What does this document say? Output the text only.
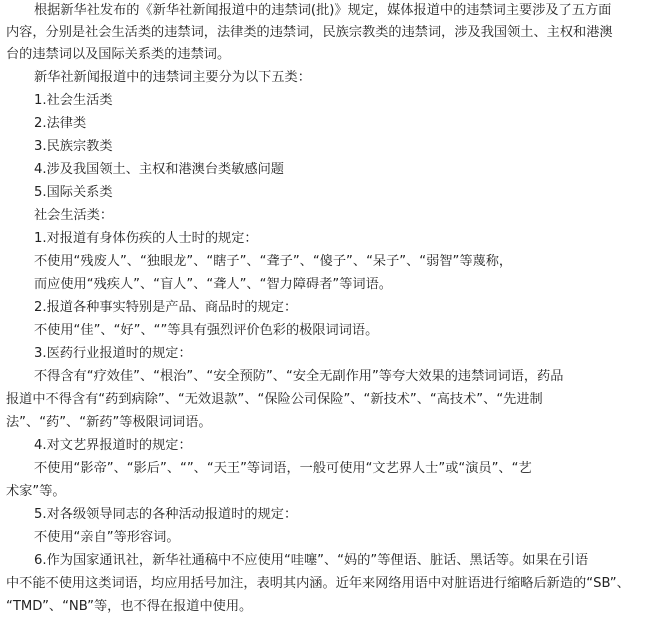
根据新华社发布的《新华社新闻报道中的违禁词(批)》规定，媒体报道中的违禁词主要涉及了五方面
内容，分别是社会生活类的违禁词，法律类的违禁词，民族宗教类的违禁词，涉及我国领土、主权和港澳
台的违禁词以及国际关系类的违禁词。
新华社新闻报道中的违禁词主要分为以下五类：
1.社会生活类
2.法律类
3.民族宗教类
4.涉及我国领土、主权和港澳台类敏感问题
5.国际关系类
社会生活类：
1.对报道有身体伤疾的人士时的规定：
不使用“残废人”、“独眼龙”、“瞎子”、“聋子”、“傻子”、“呆子”、“弱智”等蔑称，
而应使用“残疾人”、“盲人”、“聋人”、“智力障碍者”等词语。
2.报道各种事实特别是产品、商品时的规定：
不使用“佳”、“好”、“”等具有强烈评价色彩的极限词词语。
3.医药行业报道时的规定：
不得含有“疗效佳”、“根治”、“安全预防”、“安全无副作用”等夸大效果的违禁词词语，药品
报道中不得含有“药到病除”、“无效退款”、“保险公司保险”、“新技术”、“高技术”、“先进制
法”、“药”、“新药”等极限词词语。
4.对文艺界报道时的规定：
不使用“影帝”、“影后”、“”、“天王”等词语，一般可使用“文艺界人士”或“演员”、“艺
术家”等。
5.对各级领导同志的各种活动报道时的规定：
不使用“亲自”等形容词。
6.作为国家通讯社，新华社通稿中不应使用“哇噻”、“妈的”等俚语、脏话、黑话等。如果在引语
中不能不使用这类词语，均应用括号加注，表明其内涵。近年来网络用语中对脏语进行缩略后新造的“SB”、
“TMD”、“NB”等，也不得在报道中使用。
